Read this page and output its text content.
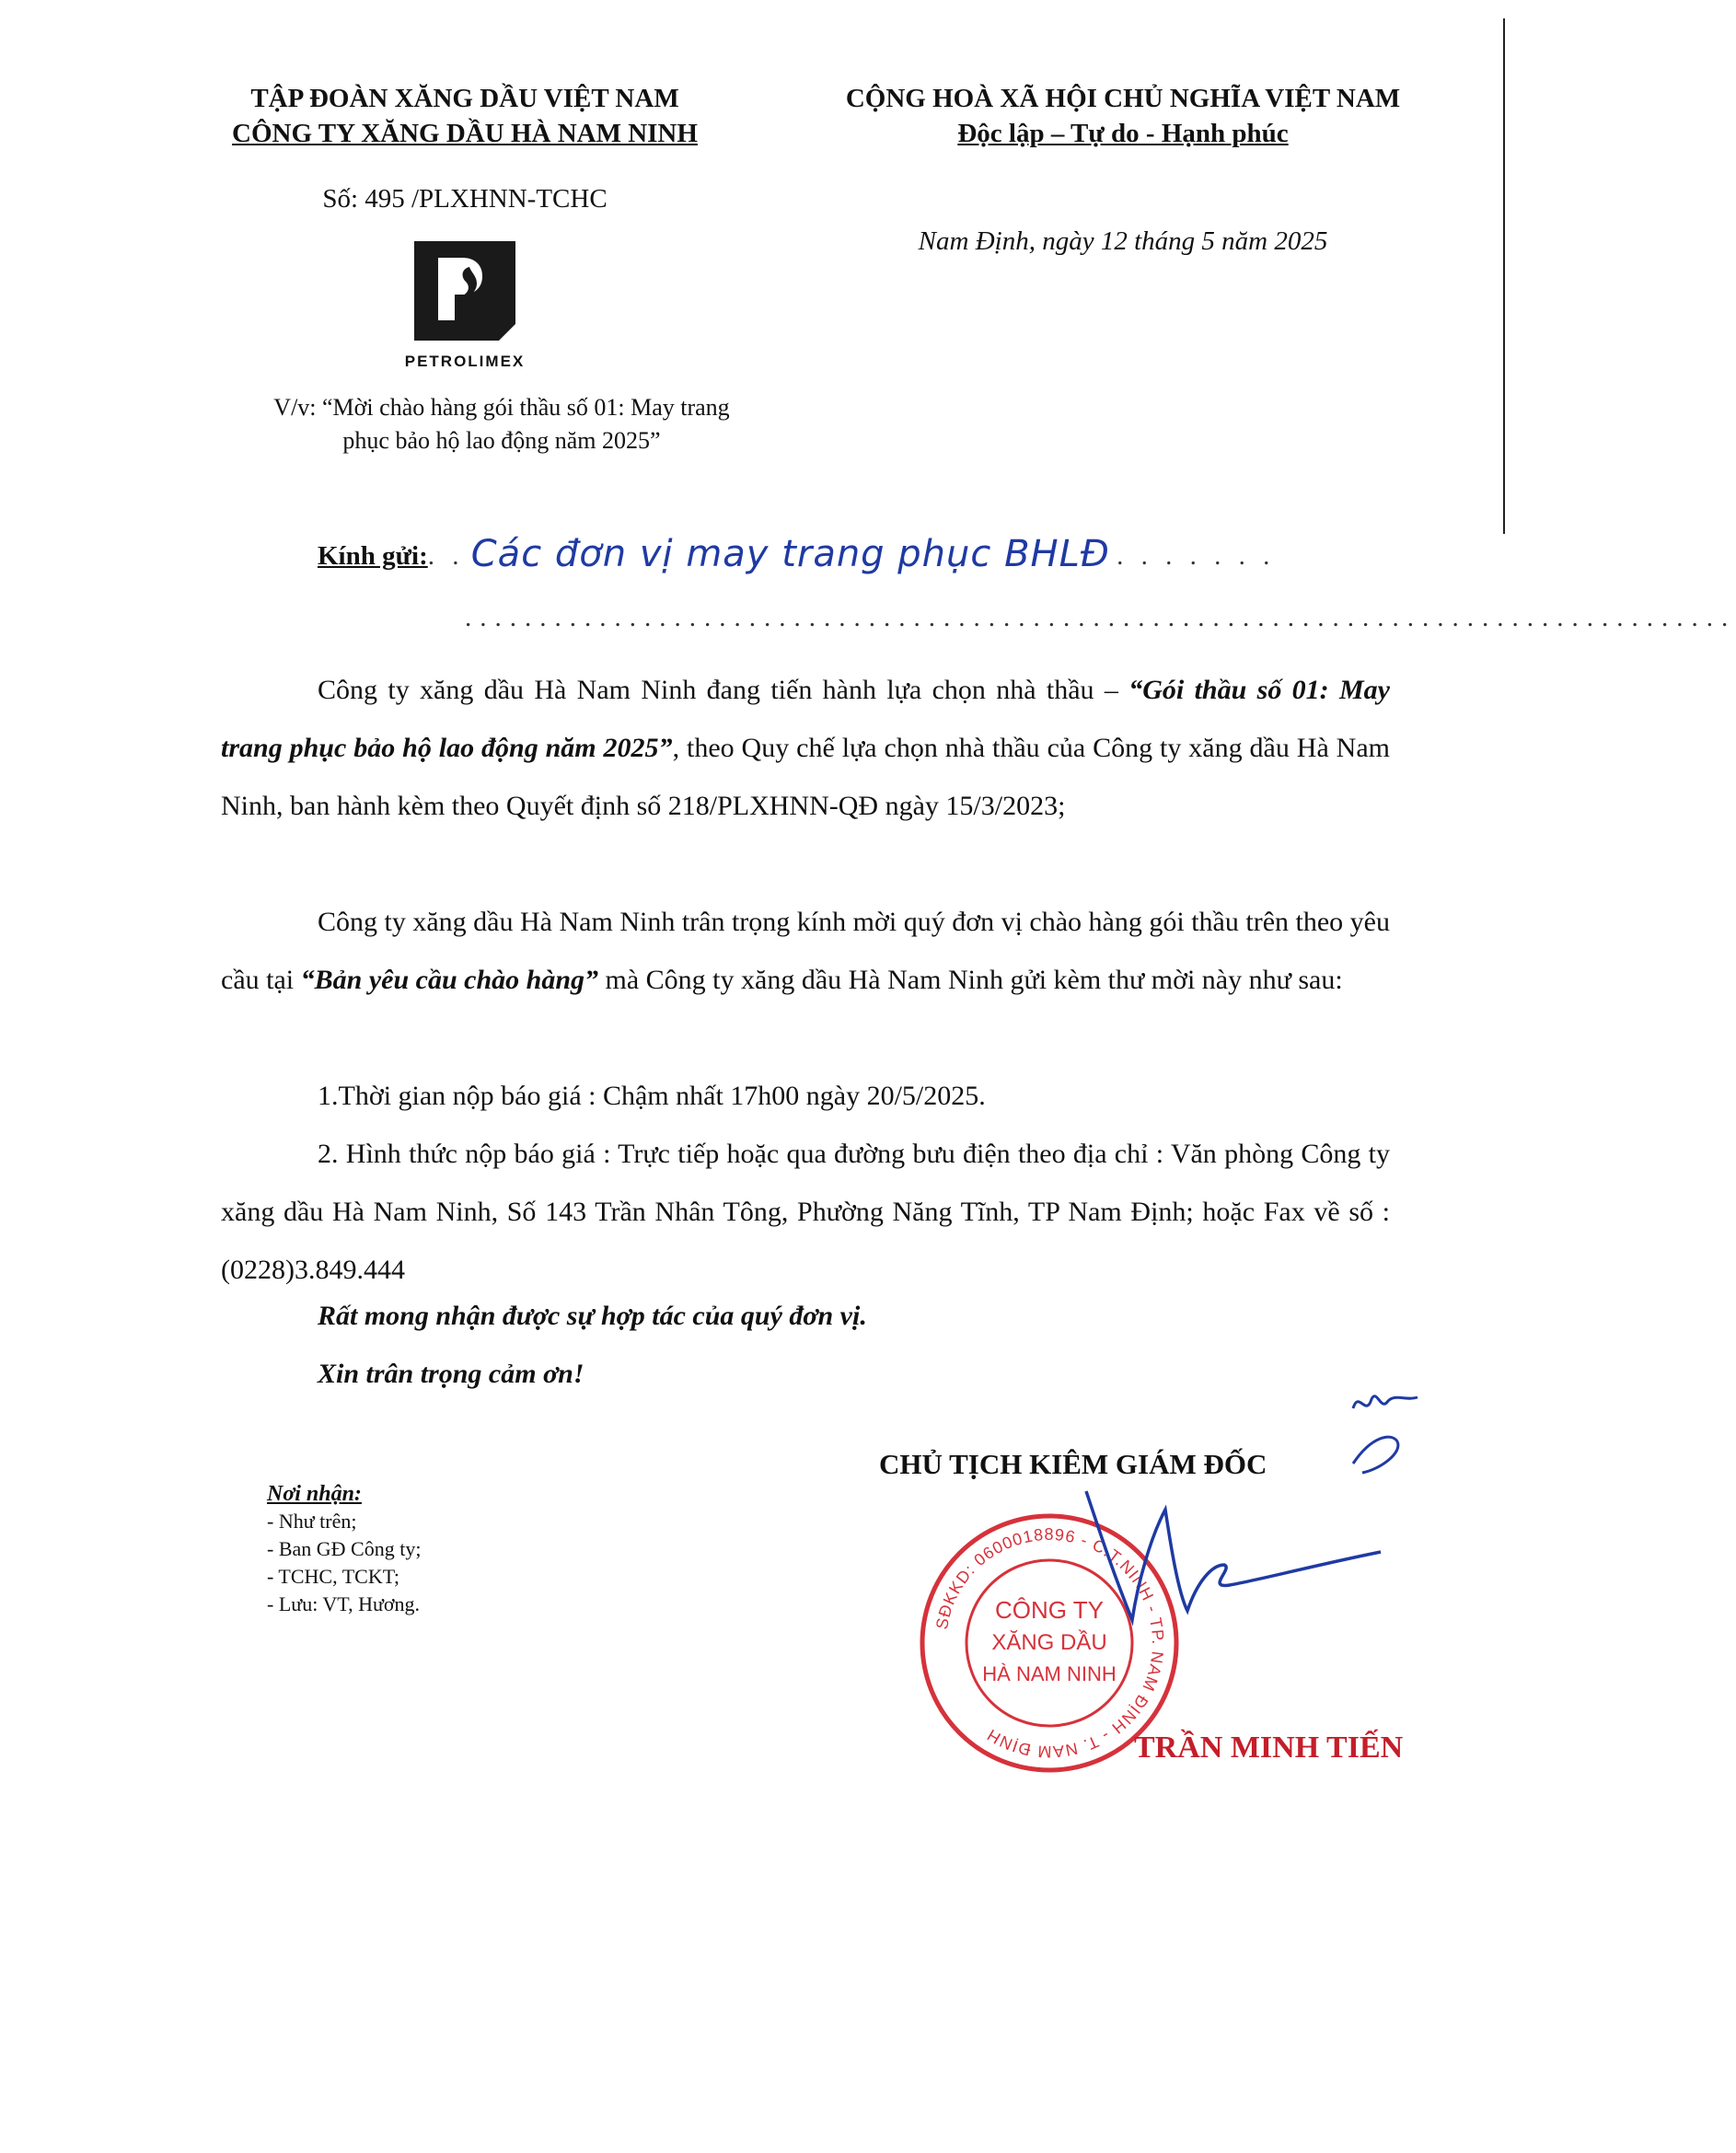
TẬP ĐOÀN XĂNG DẦU VIỆT NAM
CÔNG TY XĂNG DẦU HÀ NAM NINH
CỘNG HOÀ XÃ HỘI CHỦ NGHĨA VIỆT NAM
Độc lập – Tự do - Hạnh phúc
Số: 495 /PLXHNN-TCHC
Nam Định, ngày 12 tháng 5 năm 2025
PETROLIMEX
V/v: “Mời chào hàng gói thầu số 01: May trang
phục bảo hộ lao động năm 2025”
Kính gửi:. . Các đơn vị may trang phục BHLĐ . . . . . . .
.....................................................................................
Công ty xăng dầu Hà Nam Ninh đang tiến hành lựa chọn nhà thầu – “Gói thầu số 01: May trang phục bảo hộ lao động năm 2025”, theo Quy chế lựa chọn nhà thầu của Công ty xăng dầu Hà Nam Ninh, ban hành kèm theo Quyết định số 218/PLXHNN-QĐ ngày 15/3/2023;
Công ty xăng dầu Hà Nam Ninh trân trọng kính mời quý đơn vị chào hàng gói thầu trên theo yêu cầu tại “Bản yêu cầu chào hàng” mà Công ty xăng dầu Hà Nam Ninh gửi kèm thư mời này như sau:
1.Thời gian nộp báo giá : Chậm nhất 17h00 ngày 20/5/2025.
2. Hình thức nộp báo giá : Trực tiếp hoặc qua đường bưu điện theo địa chỉ : Văn phòng Công ty xăng dầu Hà Nam Ninh, Số 143 Trần Nhân Tông, Phường Năng Tĩnh, TP Nam Định; hoặc Fax về số : (0228)3.849.444
Rất mong nhận được sự hợp tác của quý đơn vị.
Xin trân trọng cảm ơn!
Nơi nhận:
- Như trên;
- Ban GĐ Công ty;
- TCHC, TCKT;
- Lưu: VT, Hương.
CHỦ TỊCH KIÊM GIÁM ĐỐC
SĐKKD: 0600018896 - C.T.NINH - TP. NAM ĐỊNH - T. NAM ĐỊNH
CÔNG TY
XĂNG DẦU
HÀ NAM NINH
TRẦN MINH TIẾN
